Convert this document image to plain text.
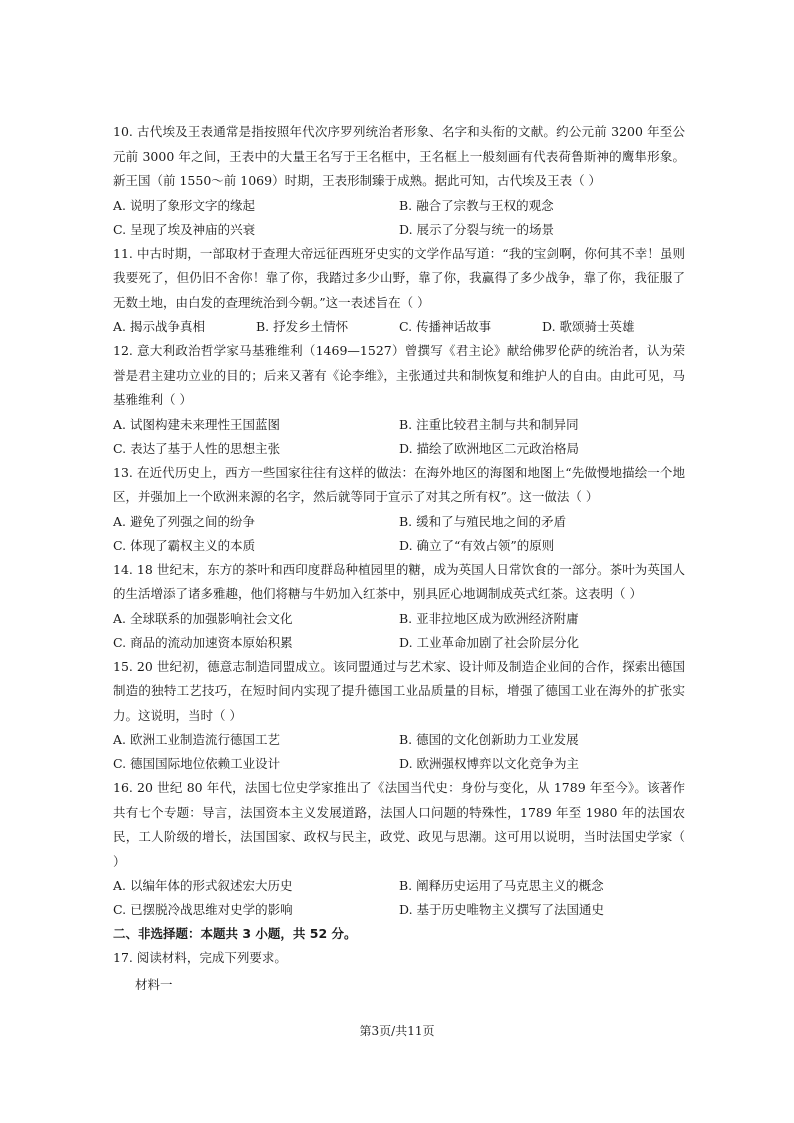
10. 古代埃及王表通常是指按照年代次序罗列统治者形象、名字和头衔的文献。约公元前 3200 年至公元前 3000 年之间，王表中的大量王名写于王名框中，王名框上一般刻画有代表荷鲁斯神的鹰隼形象。新王国（前 1550～前 1069）时期，王表形制臻于成熟。据此可知，古代埃及王表（ ）

A. 说明了象形文字的缘起	B. 融合了宗教与王权的观念
C. 呈现了埃及神庙的兴衰	D. 展示了分裂与统一的场景

11. 中古时期，一部取材于查理大帝远征西班牙史实的文学作品写道：“我的宝剑啊，你何其不幸！虽则我要死了，但仍旧不舍你！靠了你，我踏过多少山野，靠了你，我赢得了多少战争，靠了你，我征服了无数土地，由白发的查理统治到今朝。”这一表述旨在（ ）

A. 揭示战争真相	B. 抒发乡土情怀	C. 传播神话故事	D. 歌颂骑士英雄

12. 意大利政治哲学家马基雅维利（1469—1527）曾撰写《君主论》献给佛罗伦萨的统治者，认为荣誉是君主建功立业的目的；后来又著有《论李维》，主张通过共和制恢复和维护人的自由。由此可见，马基雅维利（ ）

A. 试图构建未来理性王国蓝图	B. 注重比较君主制与共和制异同
C. 表达了基于人性的思想主张	D. 描绘了欧洲地区二元政治格局

13. 在近代历史上，西方一些国家往往有这样的做法：在海外地区的海图和地图上“先做慢地描绘一个地区，并强加上一个欧洲来源的名字，然后就等同于宣示了对其之所有权”。这一做法（ ）

A. 避免了列强之间的纷争	B. 缓和了与殖民地之间的矛盾
C. 体现了霸权主义的本质	D. 确立了“有效占领”的原则

14. 18 世纪末，东方的茶叶和西印度群岛种植园里的糖，成为英国人日常饮食的一部分。茶叶为英国人的生活增添了诸多雅趣，他们将糖与牛奶加入红茶中，别具匠心地调制成英式红茶。这表明（ ）

A. 全球联系的加强影响社会文化	B. 亚非拉地区成为欧洲经济附庸
C. 商品的流动加速资本原始积累	D. 工业革命加剧了社会阶层分化

15. 20 世纪初，德意志制造同盟成立。该同盟通过与艺术家、设计师及制造企业间的合作，探索出德国制造的独特工艺技巧，在短时间内实现了提升德国工业品质量的目标，增强了德国工业在海外的扩张实力。这说明，当时（ ）

A. 欧洲工业制造流行德国工艺	B. 德国的文化创新助力工业发展
C. 德国国际地位依赖工业设计	D. 欧洲强权博弈以文化竞争为主

16. 20 世纪 80 年代，法国七位史学家推出了《法国当代史：身份与变化，从 1789 年至今》。该著作共有七个专题：导言，法国资本主义发展道路，法国人口问题的特殊性，1789 年至 1980 年的法国农民，工人阶级的增长，法国国家、政权与民主，政党、政见与思潮。这可用以说明，当时法国史学家（ ）

A. 以编年体的形式叙述宏大历史	B. 阐释历史运用了马克思主义的概念
C. 已摆脱冷战思维对史学的影响	D. 基于历史唯物主义撰写了法国通史

二、非选择题：本题共 3 小题，共 52 分。

17. 阅读材料，完成下列要求。

材料一
第3页/共11页
